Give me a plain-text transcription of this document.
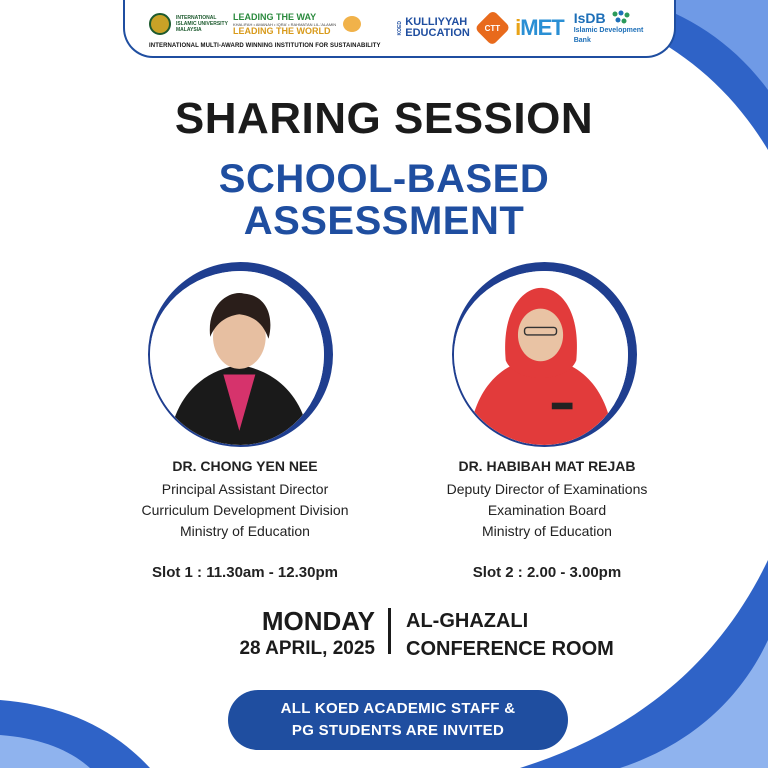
INTERNATIONAL ISLAMIC UNIVERSITY MALAYSIA
LEADING THE WAY
KHALIFAH • AMANAH • IQRA' • RAHMATAN LIL-'ALAMIN
LEADING THE WORLD
INTERNATIONAL MULTI-AWARD WINNING INSTITUTION FOR SUSTAINABILITY
KOED KULLIYYAH
EDUCATION CTT iMET IsDB
Islamic Development Bank
SHARING SESSION
SCHOOL-BASED
ASSESSMENT
DR. CHONG YEN NEE
Principal Assistant Director
Curriculum Development Division
Ministry of Education
DR. HABIBAH MAT REJAB
Deputy Director of Examinations
Examination Board
Ministry of Education
Slot 1 : 11.30am - 12.30pm	Slot 2 : 2.00 - 3.00pm
MONDAY
28 APRIL, 2025
AL-GHAZALI
CONFERENCE ROOM
ALL KOED ACADEMIC STAFF &
PG STUDENTS ARE INVITED
